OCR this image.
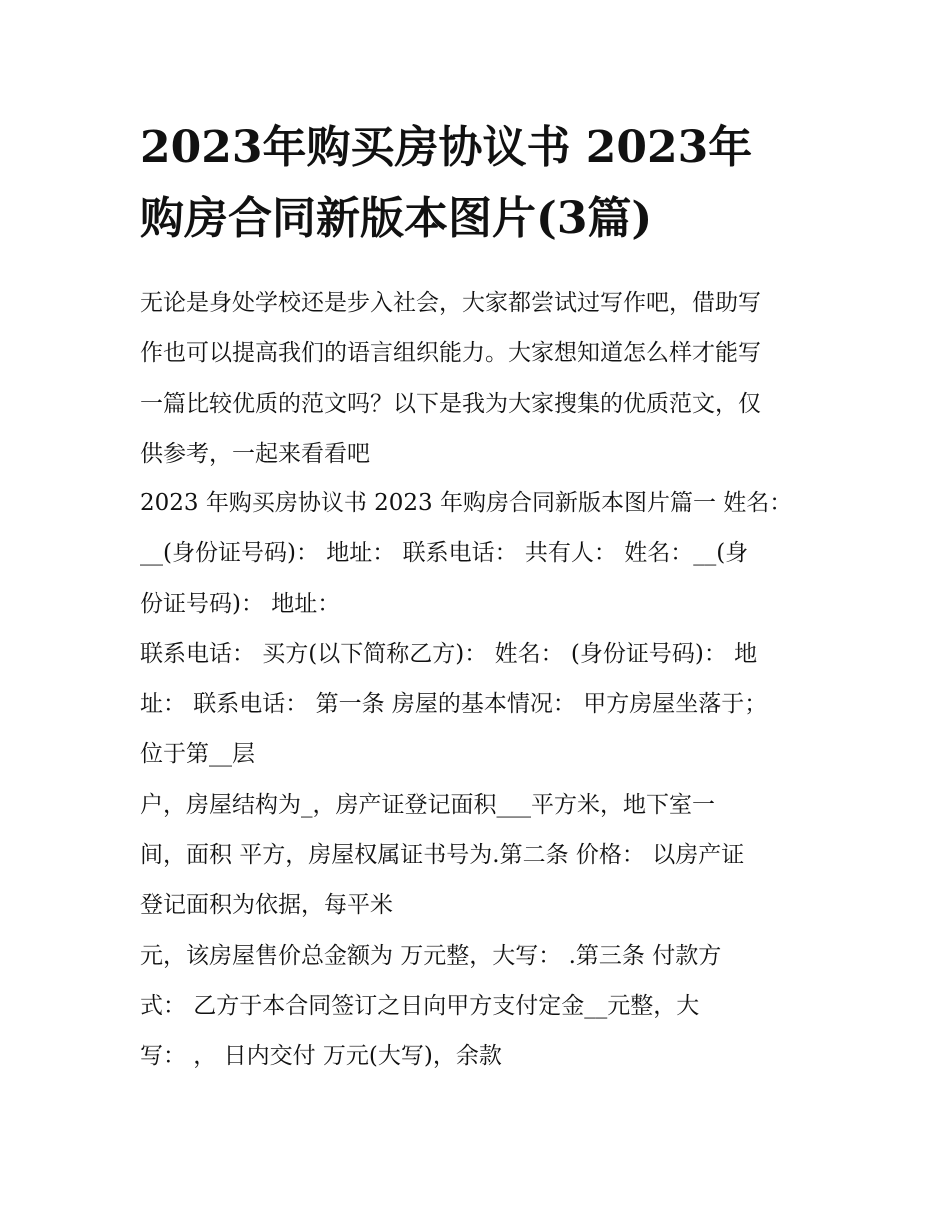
2023年购买房协议书 2023年
购房合同新版本图片(3篇)
无论是身处学校还是步入社会，大家都尝试过写作吧，借助写
作也可以提高我们的语言组织能力。大家想知道怎么样才能写
一篇比较优质的范文吗？以下是我为大家搜集的优质范文，仅
供参考，一起来看看吧
2023 年购买房协议书 2023 年购房合同新版本图片篇一 姓名：
__(身份证号码)： 地址： 联系电话： 共有人： 姓名：__(身
份证号码)： 地址：
联系电话： 买方(以下简称乙方)： 姓名： (身份证号码)： 地
址： 联系电话： 第一条 房屋的基本情况： 甲方房屋坐落于；
位于第__层
户，房屋结构为_，房产证登记面积___平方米，地下室一
间，面积 平方，房屋权属证书号为.第二条 价格： 以房产证
登记面积为依据，每平米
元，该房屋售价总金额为 万元整，大写： .第三条 付款方
式： 乙方于本合同签订之日向甲方支付定金__元整，大
写： ， 日内交付 万元(大写)，余款
